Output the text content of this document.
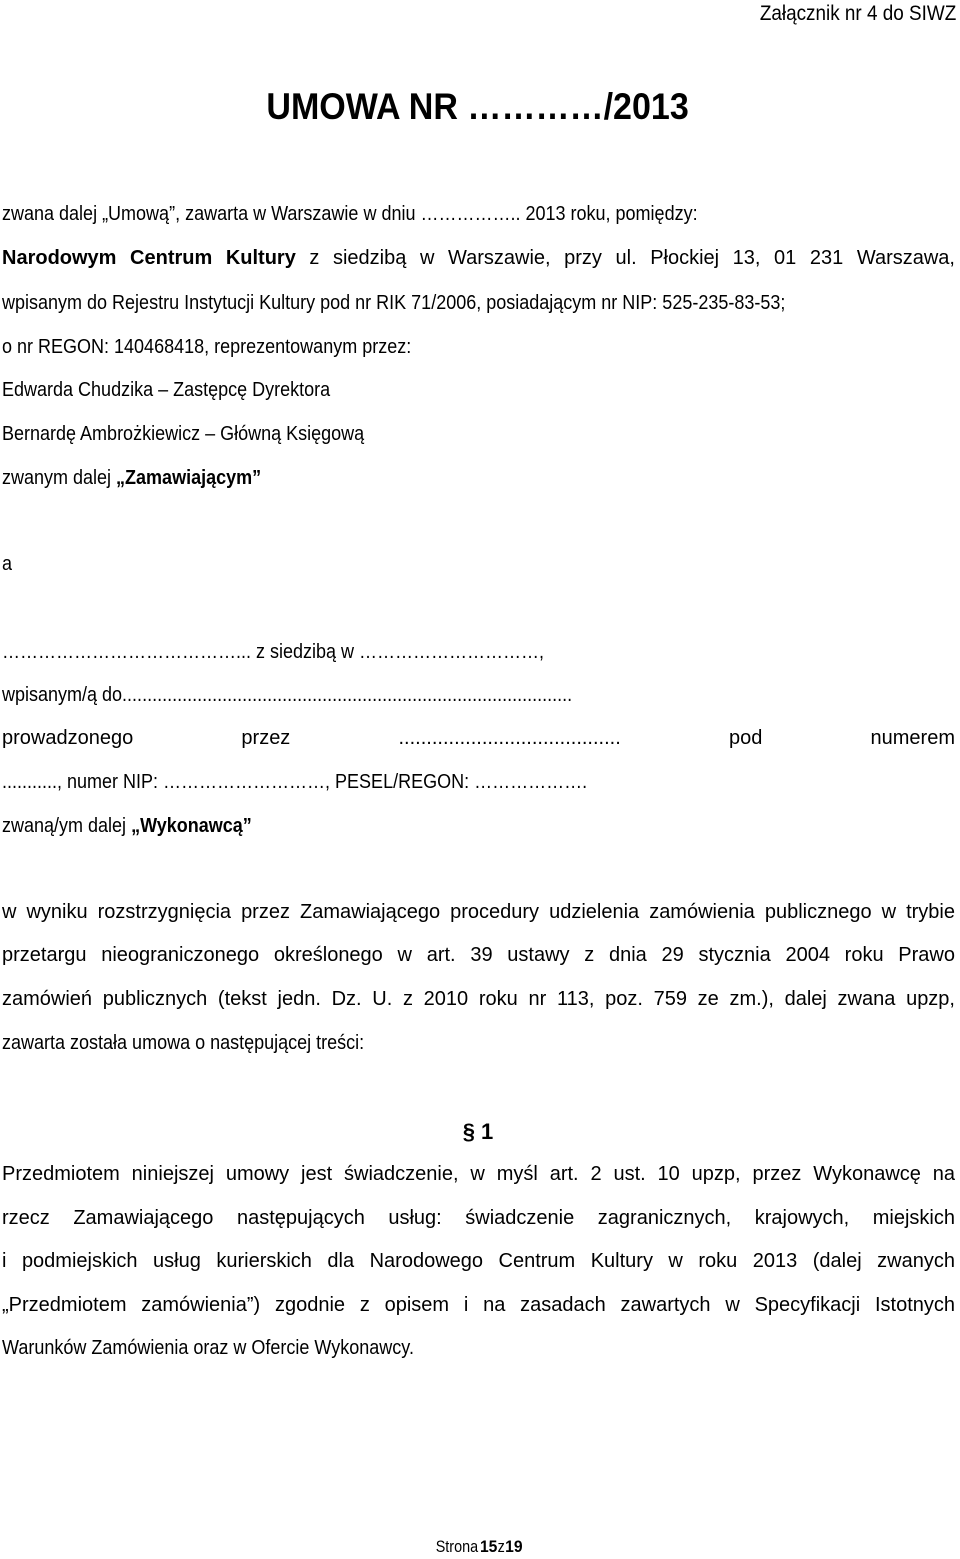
Załącznik nr 4 do SIWZ
UMOWA NR …………/2013
zwana dalej „Umową”, zawarta w Warszawie w dniu …………….. 2013 roku, pomiędzy:
Narodowym Centrum Kultury z siedzibą w Warszawie, przy ul. Płockiej 13, 01 231 Warszawa,
wpisanym do Rejestru Instytucji Kultury pod nr RIK 71/2006, posiadającym nr NIP: 525-235-83-53;
o nr REGON: 140468418, reprezentowanym przez:
Edwarda Chudzika – Zastępcę Dyrektora
Bernardę Ambrożkiewicz – Główną Księgową
zwanym dalej „Zamawiającym”
a
…………………………………... z siedzibą w …………………………,
wpisanym/ą do..........................................................................................
prowadzonego przez ........................................ pod numerem
..........., numer NIP: ………………………, PESEL/REGON: ……………….
zwaną/ym dalej „Wykonawcą”
w wyniku rozstrzygnięcia przez Zamawiającego procedury udzielenia zamówienia publicznego w trybie
przetargu nieograniczonego określonego w art. 39 ustawy z dnia 29 stycznia 2004 roku Prawo
zamówień publicznych (tekst jedn. Dz. U. z 2010 roku nr 113, poz. 759 ze zm.), dalej zwana upzp,
zawarta została umowa o następującej treści:
§ 1
Przedmiotem niniejszej umowy jest świadczenie, w myśl art. 2 ust. 10 upzp, przez Wykonawcę na
rzecz Zamawiającego następujących usług: świadczenie zagranicznych, krajowych, miejskich
i podmiejskich usług kurierskich dla Narodowego Centrum Kultury w roku 2013 (dalej zwanych
„Przedmiotem zamówienia”) zgodnie z opisem i na zasadach zawartych w Specyfikacji Istotnych
Warunków Zamówienia oraz w Ofercie Wykonawcy.
Strona15z19
